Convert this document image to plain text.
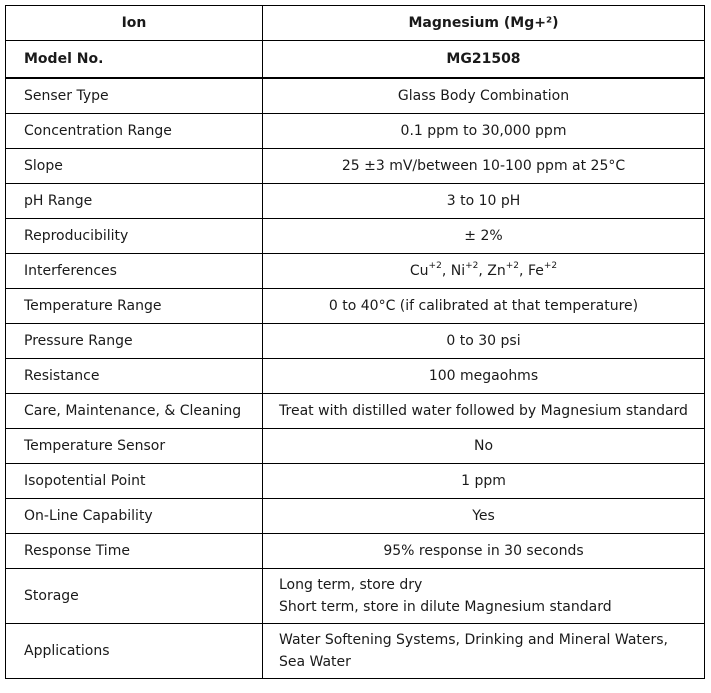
Ion	Magnesium (Mg+²)
Model No.	MG21508
Senser Type	Glass Body Combination
Concentration Range	0.1 ppm to 30,000 ppm
Slope	25 ±3 mV/between 10-100 ppm at 25°C
pH Range	3 to 10 pH
Reproducibility	± 2%
Interferences	$Cu^{+2}$, $Ni^{+2}$, $Zn^{+2}$, $Fe^{+2}$
Temperature Range	0 to 40°C (if calibrated at that temperature)
Pressure Range	0 to 30 psi
Resistance	100 megaohms
Care, Maintenance, & Cleaning	Treat with distilled water followed by Magnesium standard
Temperature Sensor	No
Isopotential Point	1 ppm
On-Line Capability	Yes
Response Time	95% response in 30 seconds
Storage	Long term, store dry
Short term, store in dilute Magnesium standard

Applications	Water Softening Systems, Drinking and Mineral Waters,
Sea Water
